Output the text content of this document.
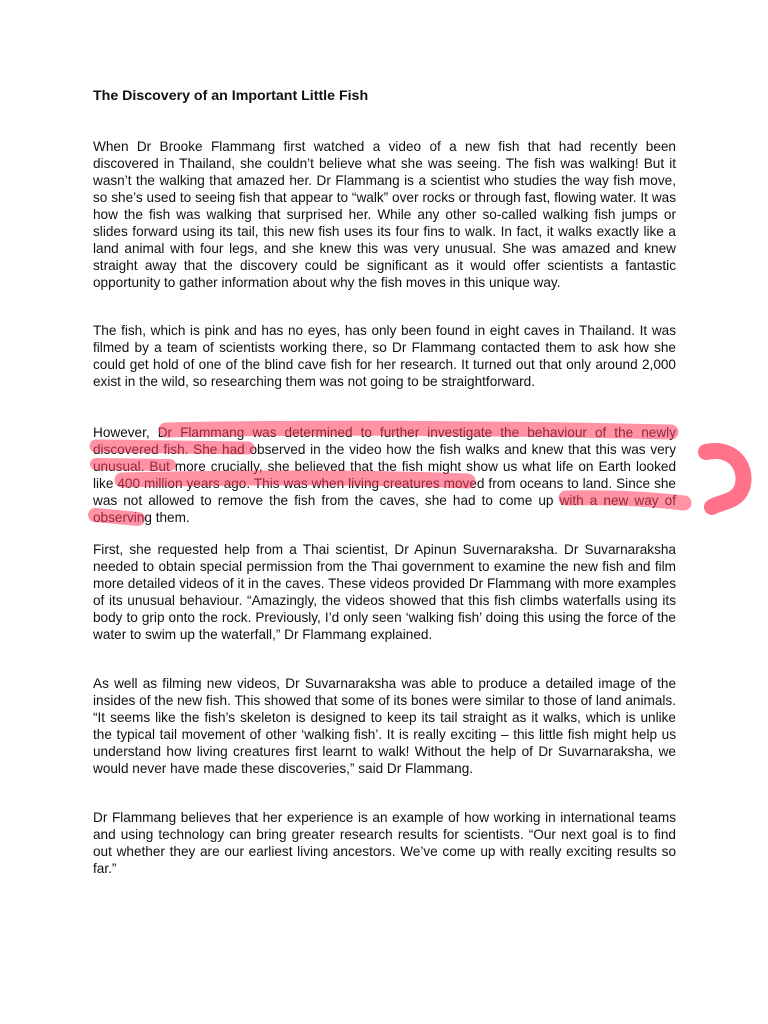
The Discovery of an Important Little Fish

When Dr Brooke Flammang first watched a video of a new fish that had recently been discovered in Thailand, she couldn’t believe what she was seeing. The fish was walking! But it wasn’t the walking that amazed her. Dr Flammang is a scientist who studies the way fish move, so she’s used to seeing fish that appear to “walk” over rocks or through fast, flowing water. It was how the fish was walking that surprised her. While any other so-called walking fish jumps or slides forward using its tail, this new fish uses its four fins to walk. In fact, it walks exactly like a land animal with four legs, and she knew this was very unusual. She was amazed and knew straight away that the discovery could be significant as it would offer scientists a fantastic opportunity to gather information about why the fish moves in this unique way.

The fish, which is pink and has no eyes, has only been found in eight caves in Thailand. It was filmed by a team of scientists working there, so Dr Flammang contacted them to ask how she could get hold of one of the blind cave fish for her research. It turned out that only around 2,000 exist in the wild, so researching them was not going to be straightforward.

However, Dr Flammang was determined to further investigate the behaviour of the newly discovered fish. She had observed in the video how the fish walks and knew that this was very unusual. But more crucially, she believed that the fish might show us what life on Earth looked like 400 million years ago. This was when living creatures moved from oceans to land. Since she was not allowed to remove the fish from the caves, she had to come up with a new way of observing them.

First, she requested help from a Thai scientist, Dr Apinun Suvernaraksha. Dr Suvarnaraksha needed to obtain special permission from the Thai government to examine the new fish and film more detailed videos of it in the caves. These videos provided Dr Flammang with more examples of its unusual behaviour. “Amazingly, the videos showed that this fish climbs waterfalls using its body to grip onto the rock. Previously, I’d only seen ‘walking fish’ doing this using the force of the water to swim up the waterfall,” Dr Flammang explained.

As well as filming new videos, Dr Suvarnaraksha was able to produce a detailed image of the insides of the new fish. This showed that some of its bones were similar to those of land animals. “It seems like the fish’s skeleton is designed to keep its tail straight as it walks, which is unlike the typical tail movement of other ‘walking fish’. It is really exciting – this little fish might help us understand how living creatures first learnt to walk! Without the help of Dr Suvarnaraksha, we would never have made these discoveries,” said Dr Flammang.

Dr Flammang believes that her experience is an example of how working in international teams and using technology can bring greater research results for scientists. “Our next goal is to find out whether they are our earliest living ancestors. We’ve come up with really exciting results so far.”
